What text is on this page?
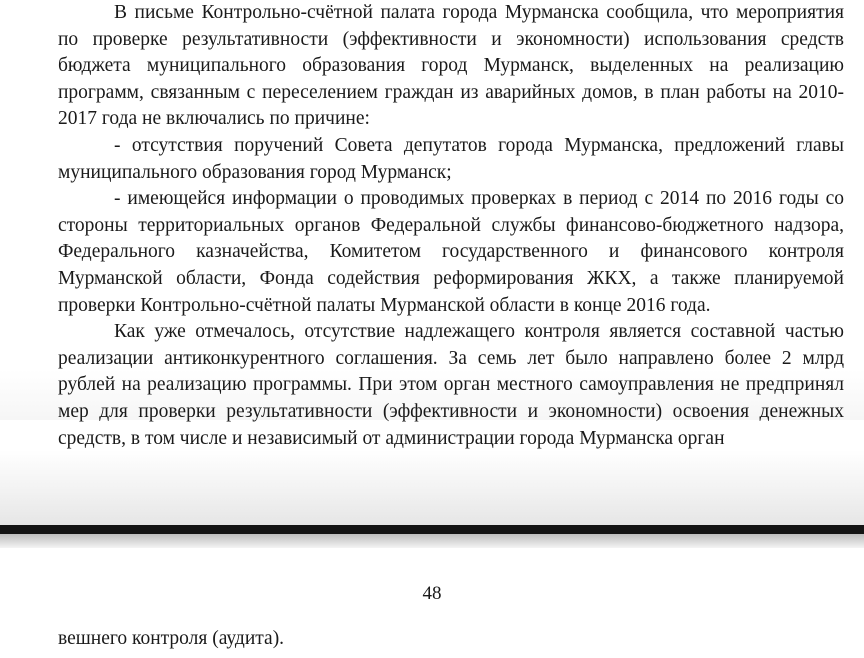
В письме Контрольно-счётной палата города Мурманска сообщила, что мероприятия по проверке результативности (эффективности и экономности) использования средств бюджета муниципального образования город Мурманск, выделенных на реализацию программ, связанным с переселением граждан из аварийных домов, в план работы на 2010-2017 года не включались по причине:

- отсутствия поручений Совета депутатов города Мурманска, предложений главы муниципального образования город Мурманск;

- имеющейся информации о проводимых проверках в период с 2014 по 2016 годы со стороны территориальных органов Федеральной службы финансово-бюджетного надзора, Федерального казначейства, Комитетом государственного и финансового контроля Мурманской области, Фонда содействия реформирования ЖКХ, а также планируемой проверки Контрольно-счётной палаты Мурманской области в конце 2016 года.

Как уже отмечалось, отсутствие надлежащего контроля является составной частью реализации антиконкурентного соглашения. За семь лет было направлено более 2 млрд рублей на реализацию программы. При этом орган местного самоуправления не предпринял мер для проверки результативности (эффективности и экономности) освоения денежных средств, в том числе и независимый от администрации города Мурманска орган

48
вешнего контроля (аудита).
